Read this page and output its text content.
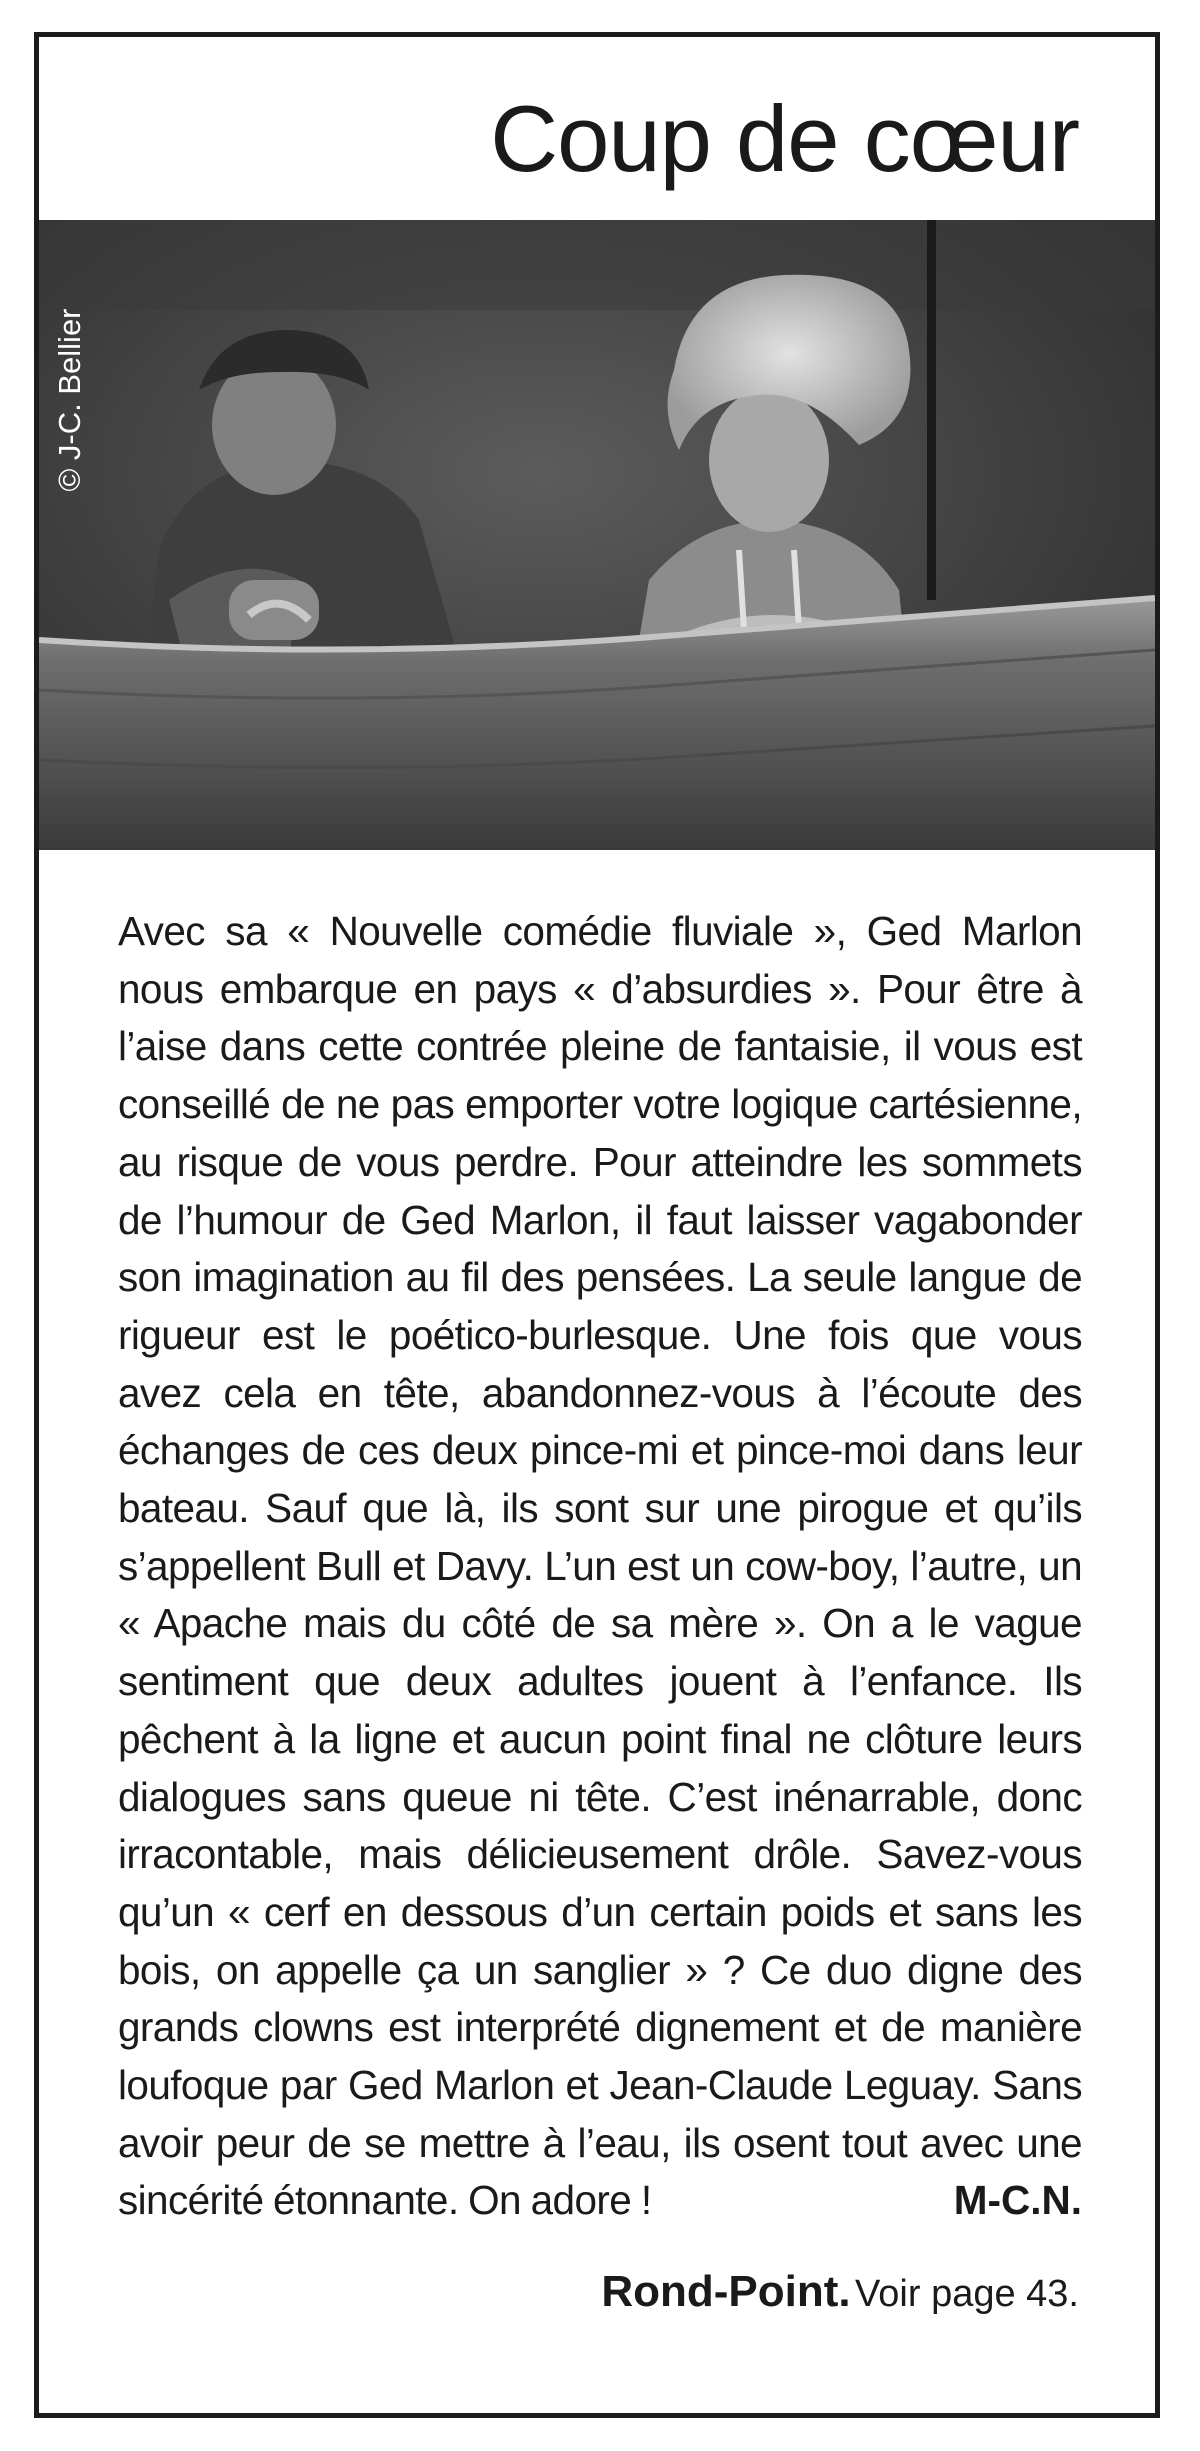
Coup de cœur
© J-C. Bellier

Avec sa « Nouvelle comédie fluviale », Ged Marlon nous embarque en pays « d’absurdies ». Pour être à l’aise dans cette contrée pleine de fantaisie, il vous est conseillé de ne pas emporter votre logique cartésienne, au risque de vous perdre. Pour atteindre les sommets de l’humour de Ged Marlon, il faut laisser vagabonder son imagination au fil des pensées. La seule langue de rigueur est le poético-burlesque. Une fois que vous avez cela en tête, abandonnez-vous à l’écoute des échanges de ces deux pince-mi et pince-moi dans leur bateau. Sauf que là, ils sont sur une pirogue et qu’ils s’appellent Bull et Davy. L’un est un cow-boy, l’autre, un « Apache mais du côté de sa mère ». On a le vague sentiment que deux adultes jouent à l’enfance. Ils pêchent à la ligne et aucun point final ne clôture leurs dialogues sans queue ni tête. C’est inénarrable, donc irracontable, mais délicieusement drôle. Savez-vous qu’un « cerf en dessous d’un certain poids et sans les bois, on appelle ça un sanglier » ? Ce duo digne des grands clowns est interprété dignement et de manière loufoque par Ged Marlon et Jean-Claude Leguay. Sans avoir peur de se mettre à l’eau, ils osent tout avec une sincérité étonnante. On adore !	M-C.N.

Rond-Point. Voir page 43.
